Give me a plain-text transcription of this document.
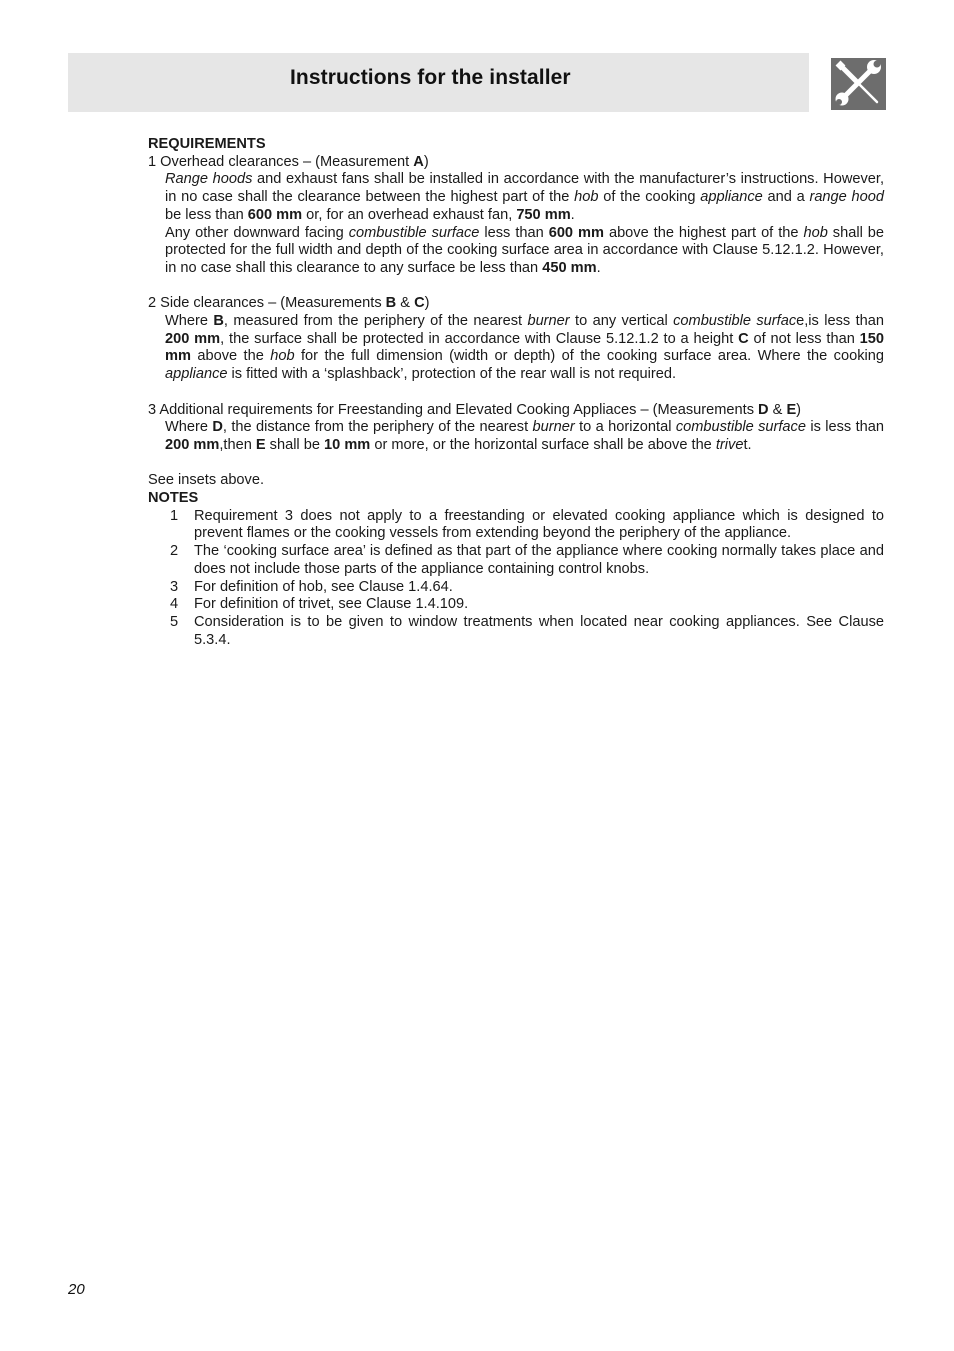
Instructions for the installer

REQUIREMENTS

1 Overhead clearances – (Measurement A)

Range hoods and exhaust fans shall be installed in accordance with the manufacturer’s instructions. However, in no case shall the clearance between the highest part of the hob of the cooking appliance and a range hood be less than 600 mm or, for an overhead exhaust fan, 750 mm.

Any other downward facing combustible surface less than 600 mm above the highest part of the hob shall be protected for the full width and depth of the cooking surface area in accordance with Clause 5.12.1.2. However, in no case shall this clearance to any surface be less than 450 mm.

2 Side clearances – (Measurements B & C)

Where B, measured from the periphery of the nearest burner to any vertical combustible surface,is less than 200 mm, the surface shall be protected in accordance with Clause 5.12.1.2 to a height C of not less than 150 mm above the hob for the full dimension (width or depth) of the cooking surface area. Where the cooking appliance is fitted with a ‘splashback’, protection of the rear wall is not required.

3 Additional requirements for Freestanding and Elevated Cooking Appliaces – (Measurements D & E)

Where D, the distance from the periphery of the nearest burner to a horizontal combustible surface is less than 200 mm,then E shall be 10 mm or more, or the horizontal surface shall be above the trivet.

See insets above.

NOTES

1	Requirement 3 does not apply to a freestanding or elevated cooking appliance which is designed to prevent flames or the cooking vessels from extending beyond the periphery of the appliance.
2	The ‘cooking surface area’ is defined as that part of the appliance where cooking normally takes place and does not include those parts of the appliance containing control knobs.
3	For definition of hob, see Clause 1.4.64.
4	For definition of trivet, see Clause 1.4.109.
5	Consideration is to be given to window treatments when located near cooking appliances. See Clause 5.3.4.
20
